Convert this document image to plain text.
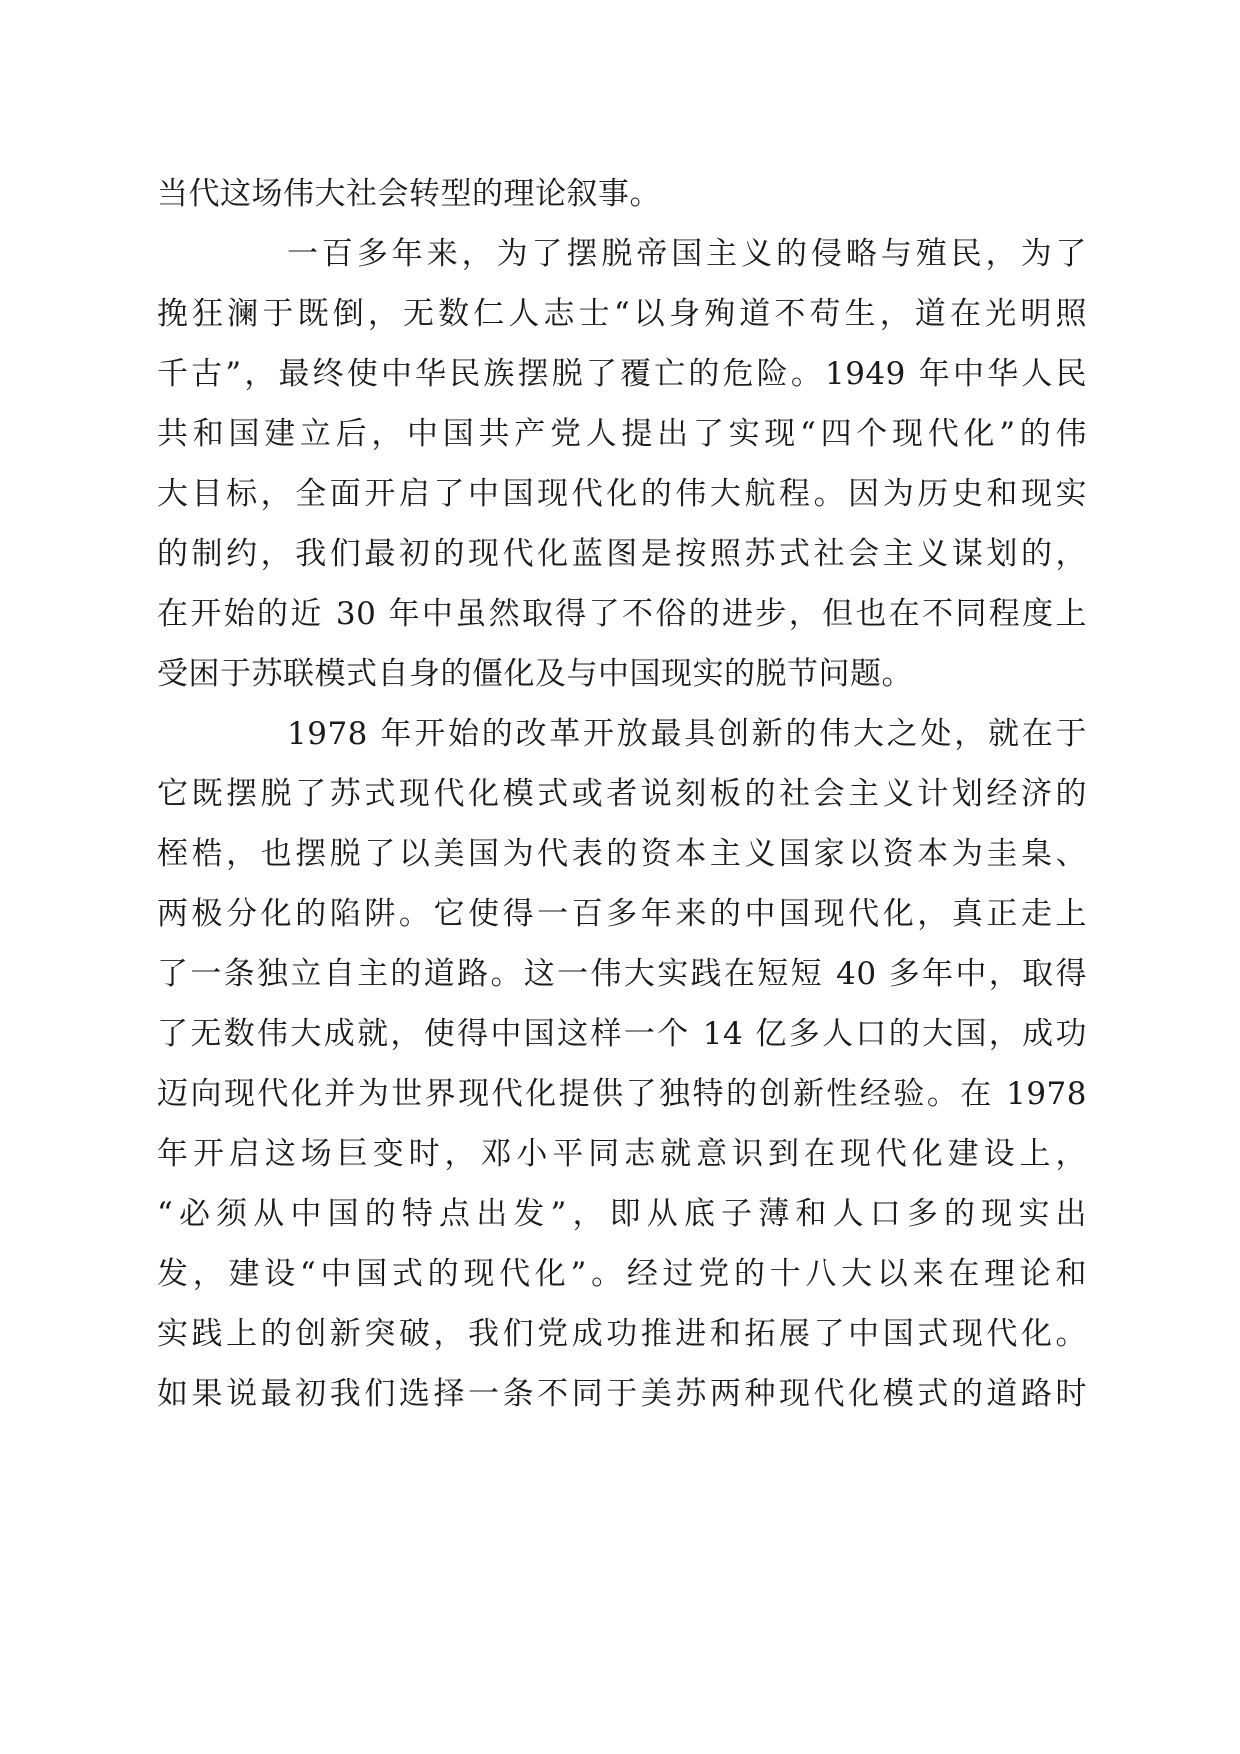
当代这场伟大社会转型的理论叙事。
一百多年来，为了摆脱帝国主义的侵略与殖民，为了
挽狂澜于既倒，无数仁人志士“以身殉道不苟生，道在光明照
千古”，最终使中华民族摆脱了覆亡的危险。1949 年中华人民
共和国建立后，中国共产党人提出了实现“四个现代化”的伟
大目标，全面开启了中国现代化的伟大航程。因为历史和现实
的制约，我们最初的现代化蓝图是按照苏式社会主义谋划的，
在开始的近 30 年中虽然取得了不俗的进步，但也在不同程度上
受困于苏联模式自身的僵化及与中国现实的脱节问题。
1978 年开始的改革开放最具创新的伟大之处，就在于
它既摆脱了苏式现代化模式或者说刻板的社会主义计划经济的
桎梏，也摆脱了以美国为代表的资本主义国家以资本为圭臬、
两极分化的陷阱。它使得一百多年来的中国现代化，真正走上
了一条独立自主的道路。这一伟大实践在短短 40 多年中，取得
了无数伟大成就，使得中国这样一个 14 亿多人口的大国，成功
迈向现代化并为世界现代化提供了独特的创新性经验。在 1978
年开启这场巨变时，邓小平同志就意识到在现代化建设上，
“必须从中国的特点出发”，即从底子薄和人口多的现实出
发，建设“中国式的现代化”。经过党的十八大以来在理论和
实践上的创新突破，我们党成功推进和拓展了中国式现代化。
如果说最初我们选择一条不同于美苏两种现代化模式的道路时
